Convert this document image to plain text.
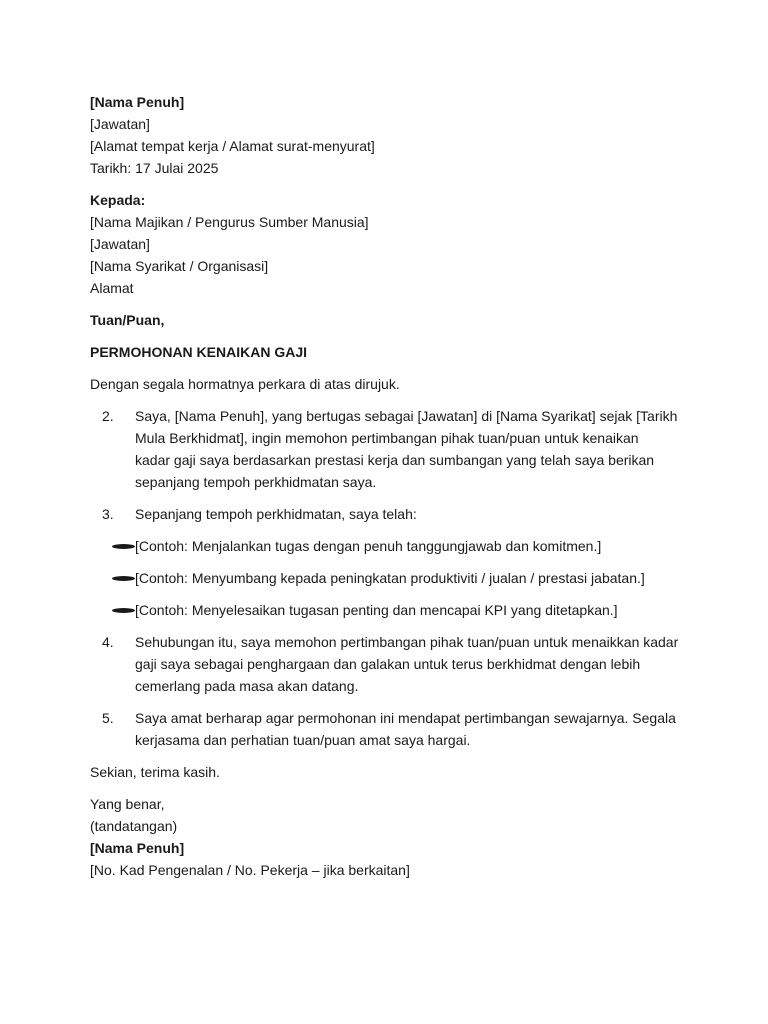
[Nama Penuh]
[Jawatan]
[Alamat tempat kerja / Alamat surat-menyurat]
Tarikh: 17 Julai 2025
Kepada:
[Nama Majikan / Pengurus Sumber Manusia]
[Jawatan]
[Nama Syarikat / Organisasi]
Alamat
Tuan/Puan,
PERMOHONAN KENAIKAN GAJI
Dengan segala hormatnya perkara di atas dirujuk.
2.	Saya, [Nama Penuh], yang bertugas sebagai [Jawatan] di [Nama Syarikat] sejak [Tarikh
Mula Berkhidmat], ingin memohon pertimbangan pihak tuan/puan untuk kenaikan
kadar gaji saya berdasarkan prestasi kerja dan sumbangan yang telah saya berikan
sepanjang tempoh perkhidmatan saya.
3.	Sepanjang tempoh perkhidmatan, saya telah:
[Contoh: Menjalankan tugas dengan penuh tanggungjawab dan komitmen.]
[Contoh: Menyumbang kepada peningkatan produktiviti / jualan / prestasi jabatan.]
[Contoh: Menyelesaikan tugasan penting dan mencapai KPI yang ditetapkan.]
4.	Sehubungan itu, saya memohon pertimbangan pihak tuan/puan untuk menaikkan kadar
gaji saya sebagai penghargaan dan galakan untuk terus berkhidmat dengan lebih
cemerlang pada masa akan datang.
5.	Saya amat berharap agar permohonan ini mendapat pertimbangan sewajarnya. Segala
kerjasama dan perhatian tuan/puan amat saya hargai.
Sekian, terima kasih.
Yang benar,
(tandatangan)
[Nama Penuh]
[No. Kad Pengenalan / No. Pekerja – jika berkaitan]
